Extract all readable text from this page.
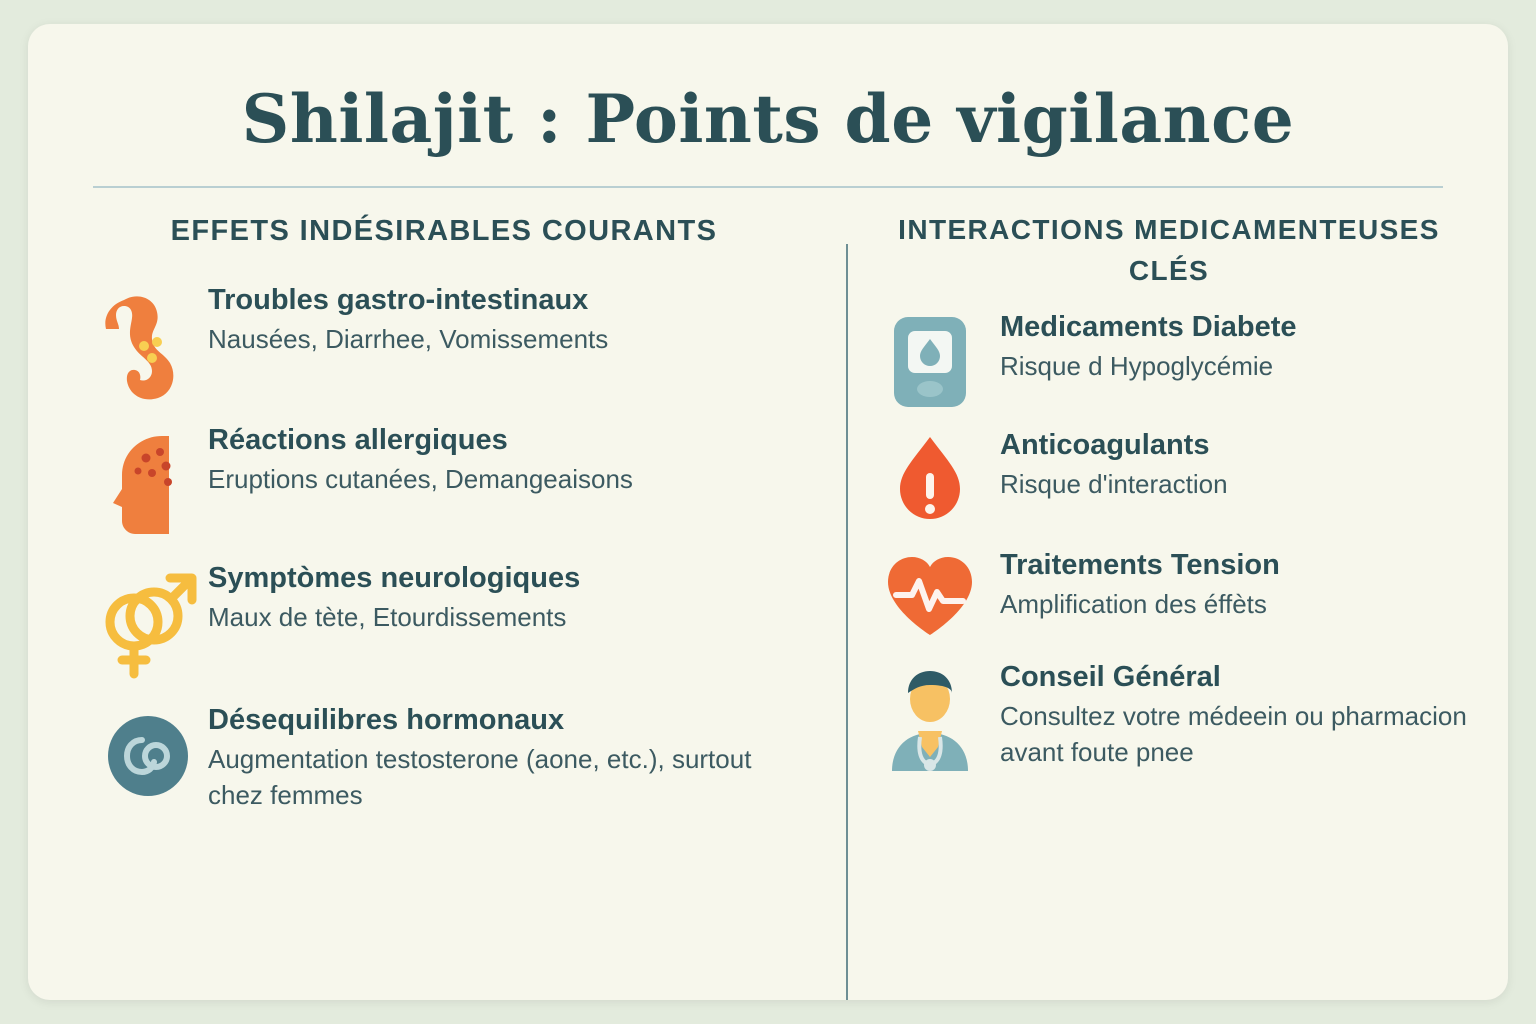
Shilajit : Points de vigilance
EFFETS INDÉSIRABLES COURANTS
Troubles gastro-intestinaux
Nausées, Diarrhee, Vomissements
Réactions allergiques
Eruptions cutanées, Demangeaisons
Symptòmes neurologiques
Maux de tète, Etourdissements
Désequilibres hormonaux
Augmentation testosterone (aone, etc.), surtout chez femmes
INTERACTIONS MEDICAMENTEUSES CLÉS
Medicaments Diabete
Risque d Hypoglycémie
Anticoagulants
Risque d'interaction
Traitements Tension
Amplification des éffèts
Conseil Général
Consultez votre médeein ou pharmacion avant foute pnee
